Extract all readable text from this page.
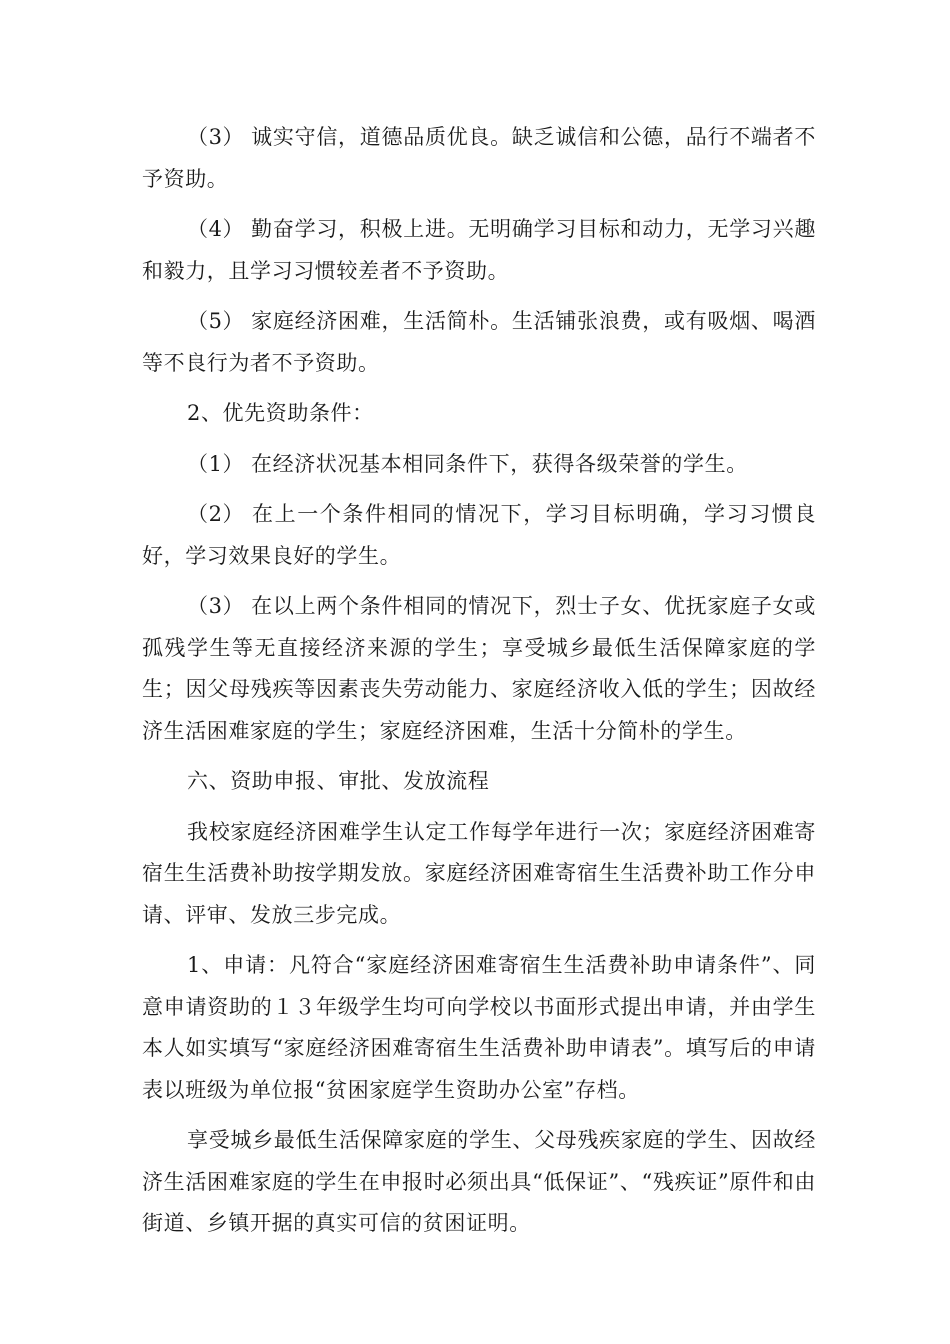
（3） 诚实守信，道德品质优良。缺乏诚信和公德，品行不端者不予资助。

（4） 勤奋学习，积极上进。无明确学习目标和动力，无学习兴趣和毅力，且学习习惯较差者不予资助。

（5） 家庭经济困难，生活简朴。生活铺张浪费，或有吸烟、喝酒等不良行为者不予资助。

2、优先资助条件：

（1） 在经济状况基本相同条件下，获得各级荣誉的学生。

（2） 在上一个条件相同的情况下，学习目标明确，学习习惯良好，学习效果良好的学生。

（3） 在以上两个条件相同的情况下，烈士子女、优抚家庭子女或孤残学生等无直接经济来源的学生；享受城乡最低生活保障家庭的学生；因父母残疾等因素丧失劳动能力、家庭经济收入低的学生；因故经济生活困难家庭的学生；家庭经济困难，生活十分简朴的学生。

六、资助申报、审批、发放流程

我校家庭经济困难学生认定工作每学年进行一次；家庭经济困难寄宿生生活费补助按学期发放。家庭经济困难寄宿生生活费补助工作分申请、评审、发放三步完成。

1、申请：凡符合“家庭经济困难寄宿生生活费补助申请条件”、同意申请资助的１３年级学生均可向学校以书面形式提出申请，并由学生本人如实填写“家庭经济困难寄宿生生活费补助申请表”。填写后的申请表以班级为单位报“贫困家庭学生资助办公室”存档。

享受城乡最低生活保障家庭的学生、父母残疾家庭的学生、因故经济生活困难家庭的学生在申报时必须出具“低保证”、“残疾证”原件和由街道、乡镇开据的真实可信的贫困证明。
